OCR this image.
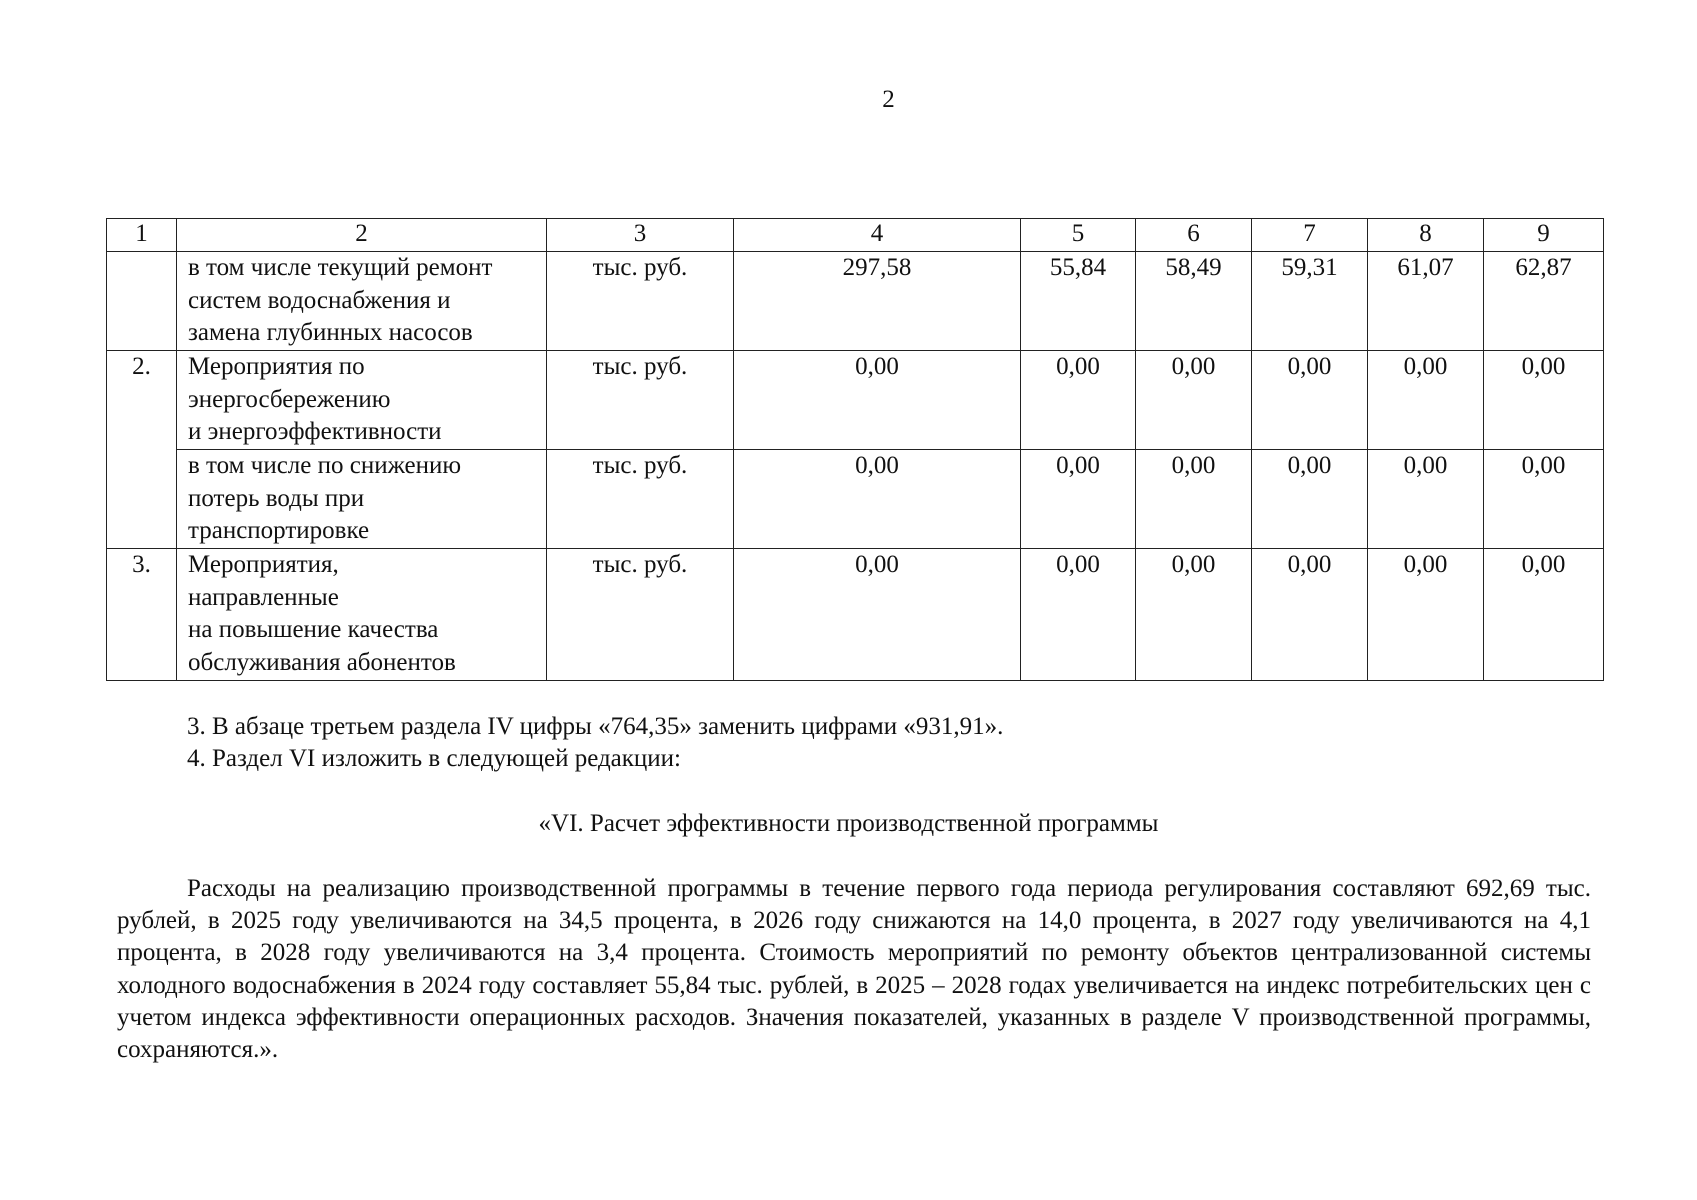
2
1	2	3	4	5	6	7	8	9

	в том числе текущий ремонт
систем водоснабжения и
замена глубинных насосов	тыс. руб.	297,58	55,84	58,49	59,31	61,07	62,87
2.	Мероприятия по
энергосбережению
и энергоэффективности	тыс. руб.	0,00	0,00	0,00	0,00	0,00	0,00

	в том числе по снижению
потерь воды при
транспортировке	тыс. руб.	0,00	0,00	0,00	0,00	0,00	0,00
3.	Мероприятия,
направленные
на повышение качества
обслуживания абонентов	тыс. руб.	0,00	0,00	0,00	0,00	0,00	0,00
3. В абзаце третьем раздела IV цифры «764,35» заменить цифрами «931,91».
4. Раздел VI изложить в следующей редакции:
«VI. Расчет эффективности производственной программы
Расходы на реализацию производственной программы в течение первого года периода регулирования составляют 692,69 тыс. рублей, в 2025 году увеличиваются на 34,5 процента, в 2026 году снижаются на 14,0 процента, в 2027 году увеличиваются на 4,1 процента, в 2028 году увеличиваются на 3,4 процента. Стоимость мероприятий по ремонту объектов централизованной системы холодного водоснабжения в 2024 году составляет 55,84 тыс. рублей, в 2025 – 2028 годах увеличивается на индекс потребительских цен с учетом индекса эффективности операционных расходов. Значения показателей, указанных в разделе V производственной программы, сохраняются.».
